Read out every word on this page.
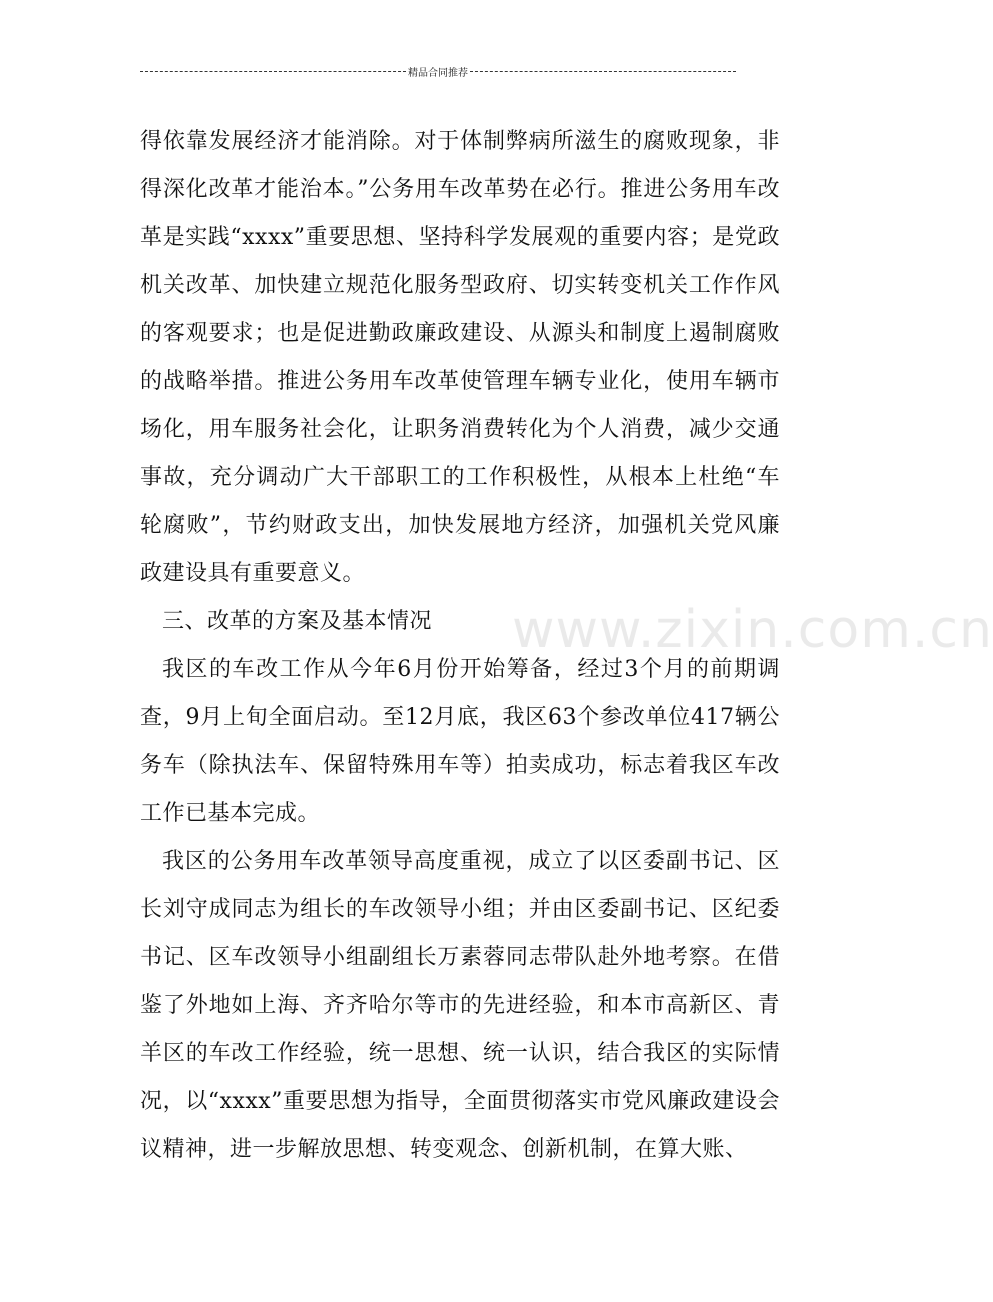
精品合同推荐

得依靠发展经济才能消除。对于体制弊病所滋生的腐败现象，非得深化改革才能治本。”公务用车改革势在必行。推进公务用车改革是实践“xxxx”重要思想、坚持科学发展观的重要内容；是党政机关改革、加快建立规范化服务型政府、切实转变机关工作作风的客观要求；也是促进勤政廉政建设、从源头和制度上遏制腐败的战略举措。推进公务用车改革使管理车辆专业化，使用车辆市场化，用车服务社会化，让职务消费转化为个人消费，减少交通事故，充分调动广大干部职工的工作积极性，从根本上杜绝“车轮腐败”，节约财政支出，加快发展地方经济，加强机关党风廉政建设具有重要意义。

三、改革的方案及基本情况

我区的车改工作从今年6月份开始筹备，经过3个月的前期调查，9月上旬全面启动。至12月底，我区63个参改单位417辆公务车（除执法车、保留特殊用车等）拍卖成功，标志着我区车改工作已基本完成。

我区的公务用车改革领导高度重视，成立了以区委副书记、区长刘守成同志为组长的车改领导小组；并由区委副书记、区纪委书记、区车改领导小组副组长万素蓉同志带队赴外地考察。在借鉴了外地如上海、齐齐哈尔等市的先进经验，和本市高新区、青羊区的车改工作经验，统一思想、统一认识，结合我区的实际情况，以“xxxx”重要思想为指导，全面贯彻落实市党风廉政建设会议精神，进一步解放思想、转变观念、创新机制，在算大账、

www.zixin.com.cn
